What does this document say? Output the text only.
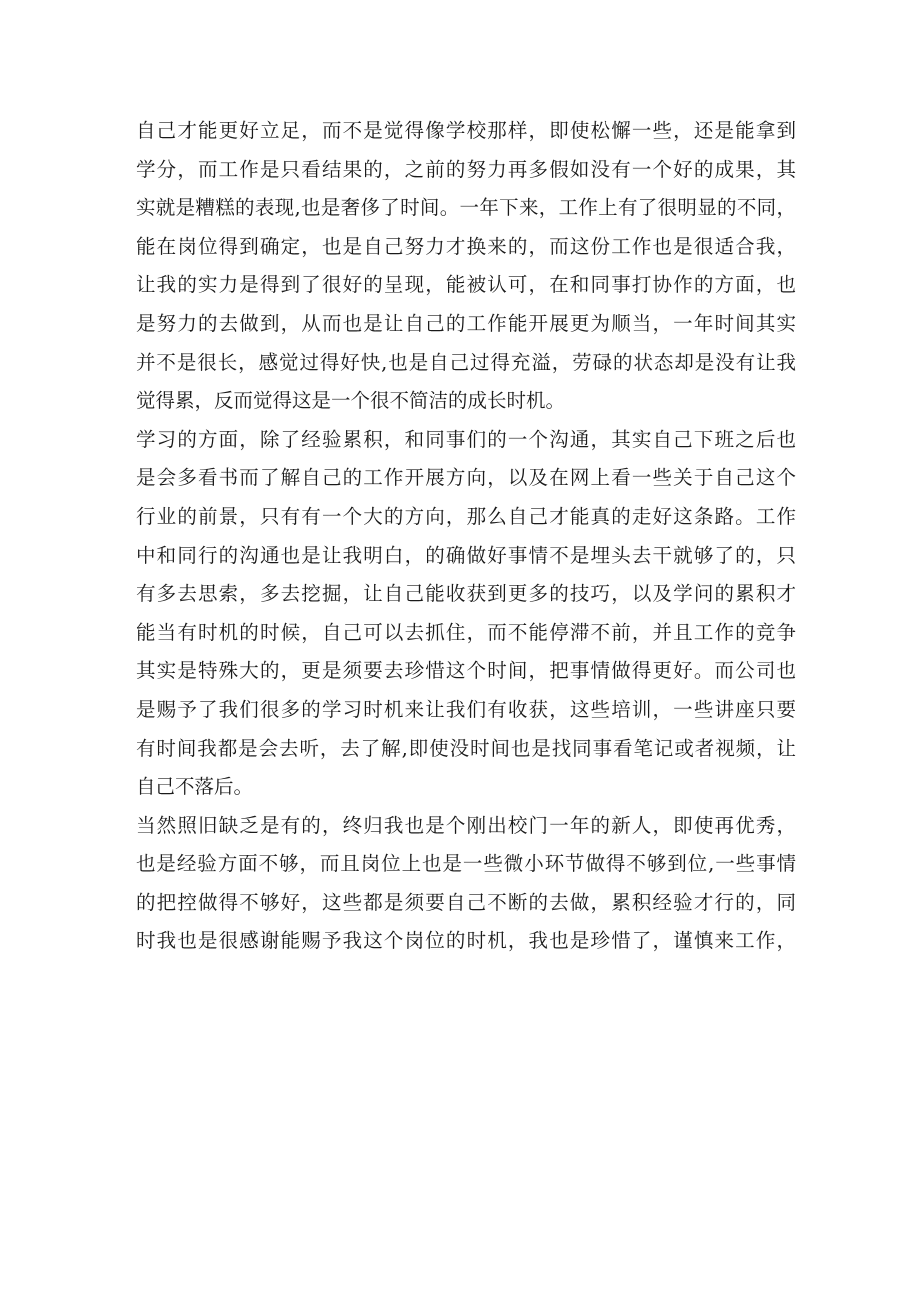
自己才能更好立足，而不是觉得像学校那样，即使松懈一些，还是能拿到
学分，而工作是只看结果的，之前的努力再多假如没有一个好的成果，其
实就是糟糕的表现,也是奢侈了时间。一年下来，工作上有了很明显的不同，
能在岗位得到确定，也是自己努力才换来的，而这份工作也是很适合我，
让我的实力是得到了很好的呈现，能被认可，在和同事打协作的方面，也
是努力的去做到，从而也是让自己的工作能开展更为顺当，一年时间其实
并不是很长，感觉过得好快,也是自己过得充溢，劳碌的状态却是没有让我
觉得累，反而觉得这是一个很不简洁的成长时机。
学习的方面，除了经验累积，和同事们的一个沟通，其实自己下班之后也
是会多看书而了解自己的工作开展方向，以及在网上看一些关于自己这个
行业的前景，只有有一个大的方向，那么自己才能真的走好这条路。工作
中和同行的沟通也是让我明白，的确做好事情不是埋头去干就够了的，只
有多去思索，多去挖掘，让自己能收获到更多的技巧，以及学问的累积才
能当有时机的时候，自己可以去抓住，而不能停滞不前，并且工作的竞争
其实是特殊大的，更是须要去珍惜这个时间，把事情做得更好。而公司也
是赐予了我们很多的学习时机来让我们有收获，这些培训，一些讲座只要
有时间我都是会去听，去了解,即使没时间也是找同事看笔记或者视频，让
自己不落后。
当然照旧缺乏是有的，终归我也是个刚出校门一年的新人，即使再优秀，
也是经验方面不够，而且岗位上也是一些微小环节做得不够到位,一些事情
的把控做得不够好，这些都是须要自己不断的去做，累积经验才行的，同
时我也是很感谢能赐予我这个岗位的时机，我也是珍惜了，谨慎来工作，
